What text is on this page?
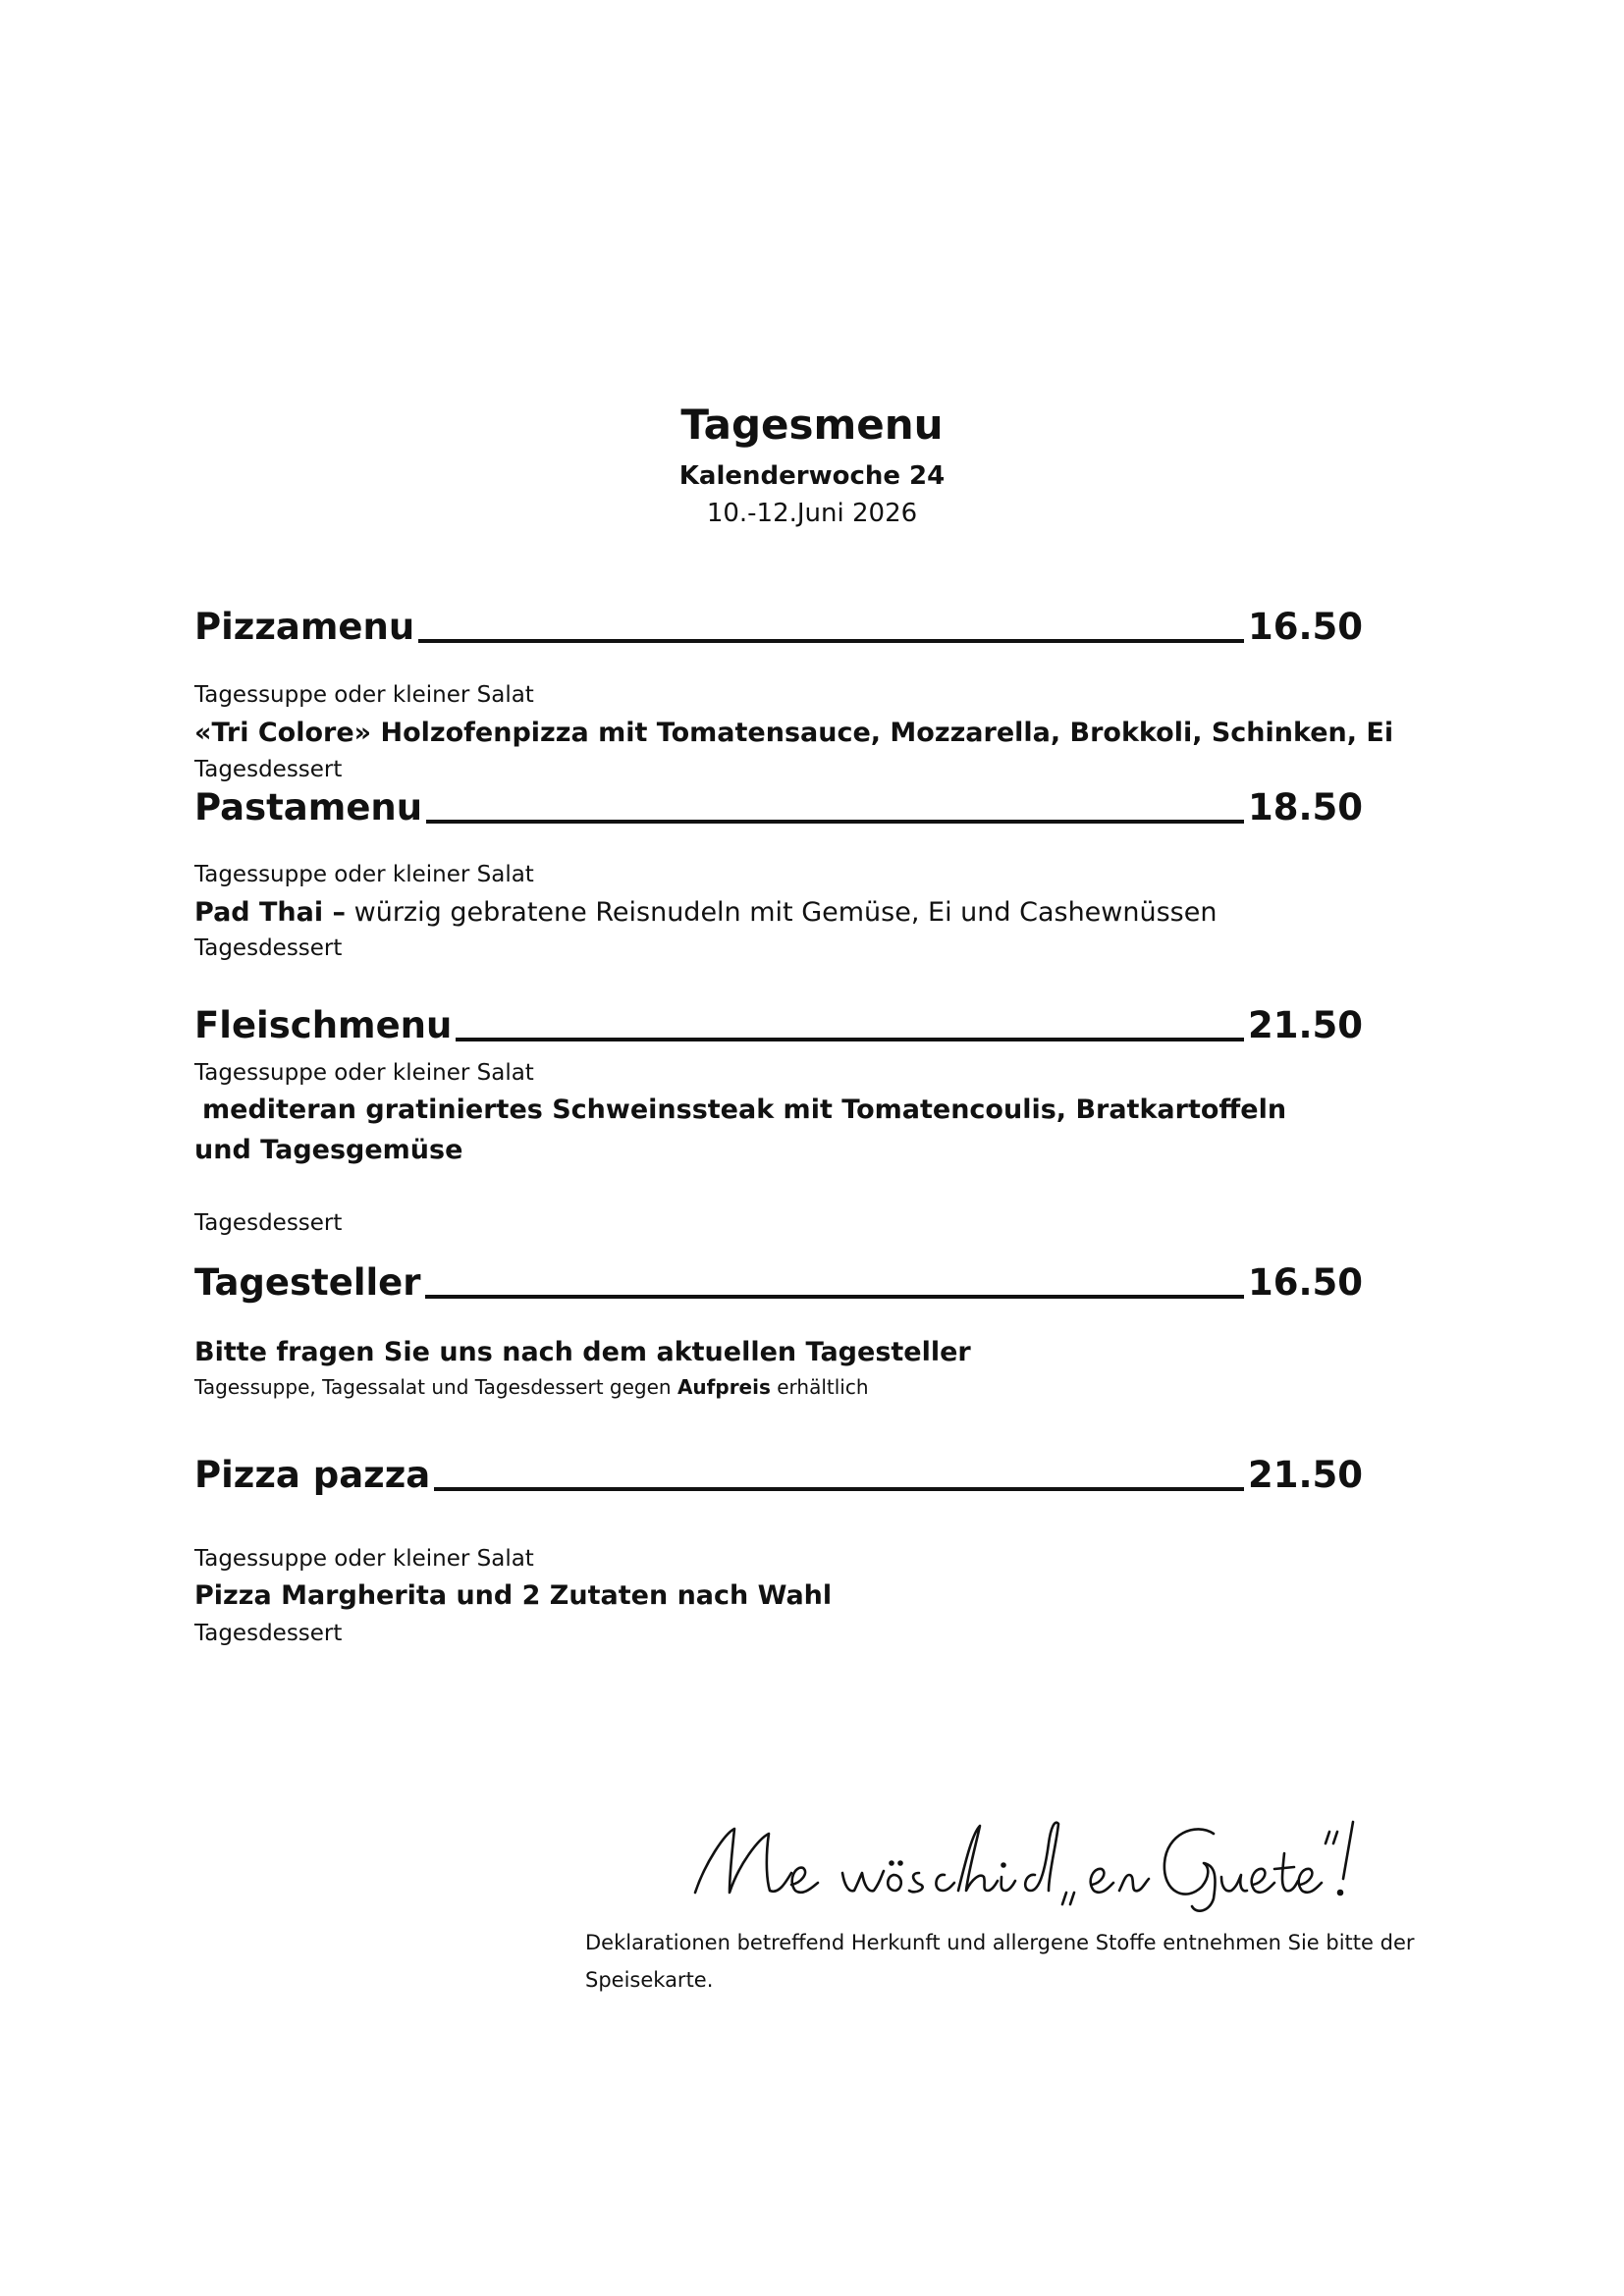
Tagesmenu
Kalenderwoche 24
10.-12.Juni 2026
Pizzamenu	16.50
Tagessuppe oder kleiner Salat
«Tri Colore» Holzofenpizza mit Tomatensauce, Mozzarella, Brokkoli, Schinken, Ei
Tagesdessert
Pastamenu	18.50
Tagessuppe oder kleiner Salat
Pad Thai – würzig gebratene Reisnudeln mit Gemüse, Ei und Cashewnüssen
Tagesdessert
Fleischmenu	21.50
Tagessuppe oder kleiner Salat
mediteran gratiniertes Schweinssteak mit Tomatencoulis, Bratkartoffeln
und Tagesgemüse
Tagesdessert
Tagesteller	16.50
Bitte fragen Sie uns nach dem aktuellen Tagesteller
Tagessuppe, Tagessalat und Tagesdessert gegen Aufpreis erhältlich
Pizza pazza	21.50
Tagessuppe oder kleiner Salat
Pizza Margherita und 2 Zutaten nach Wahl
Tagesdessert
Deklarationen betreffend Herkunft und allergene Stoffe entnehmen Sie bitte der Speisekarte.
